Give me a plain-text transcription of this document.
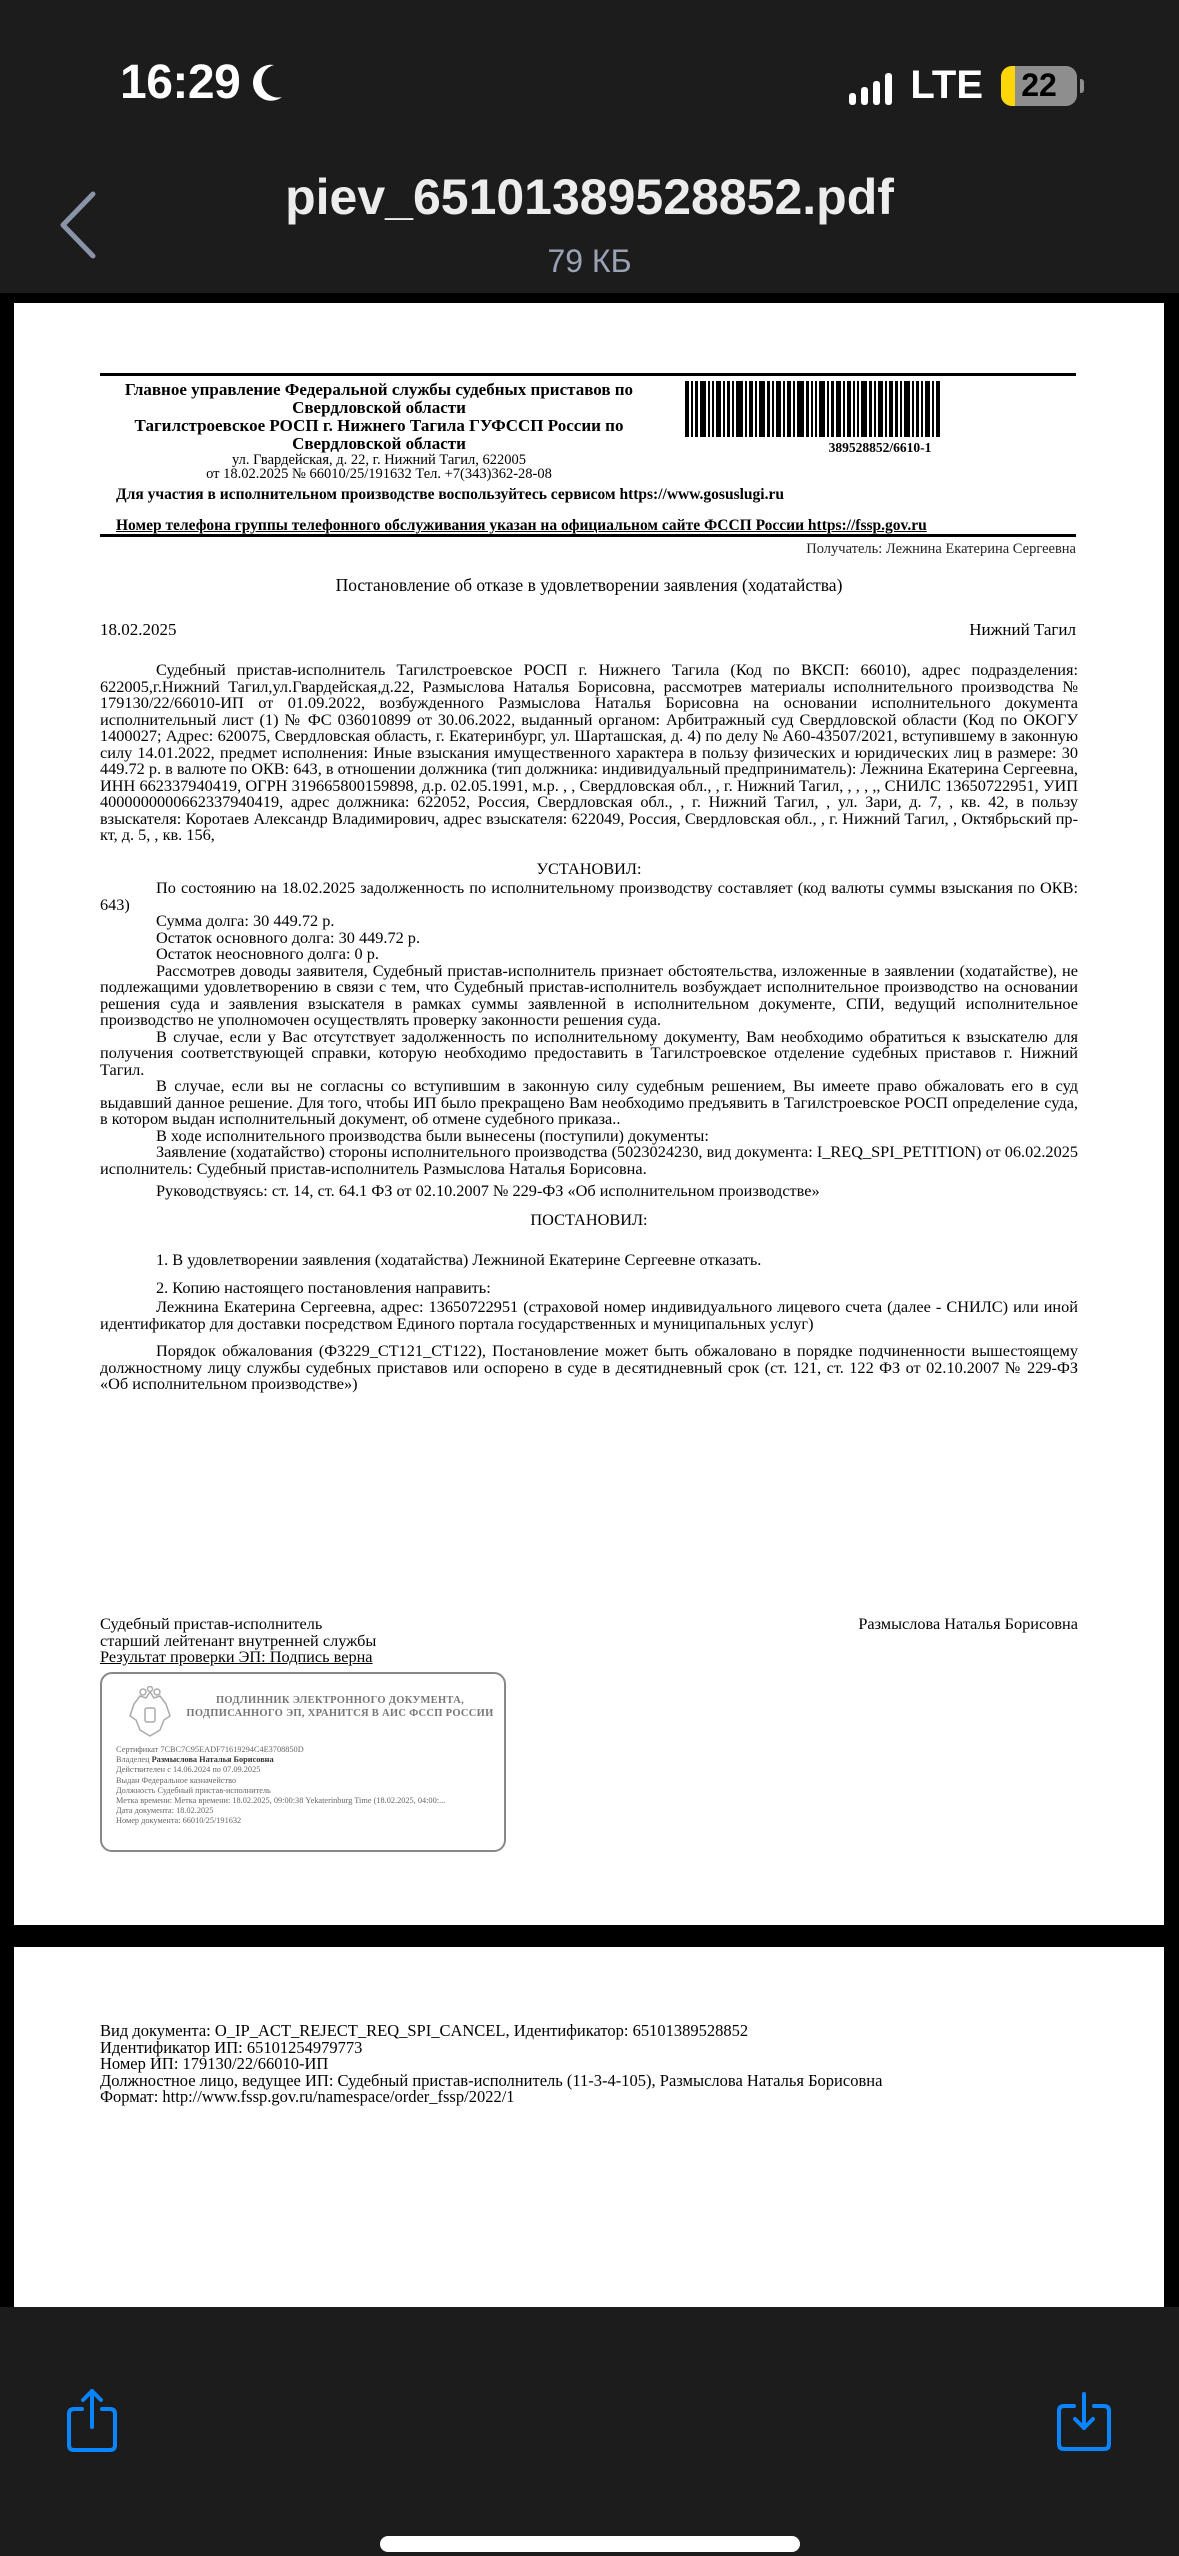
16:29	LTE 22
piev_65101389528852.pdf
79 КБ
Главное управление Федеральной службы судебных приставов по
Свердловской области
Тагилстроевское РОСП г. Нижнего Тагила ГУФССП России по
Свердловской области
ул. Гвардейская, д. 22, г. Нижний Тагил, 622005
от 18.02.2025 № 66010/25/191632 Тел. +7(343)362-28-08
389528852/6610-1
Для участия в исполнительном производстве воспользуйтесь сервисом https://www.gosuslugi.ru
Номер телефона группы телефонного обслуживания указан на официальном сайте ФССП России https://fssp.gov.ru
Получатель: Лежнина Екатерина Сергеевна
Постановление об отказе в удовлетворении заявления (ходатайства)
18.02.2025	Нижний Тагил

Судебный пристав-исполнитель Тагилстроевское РОСП г. Нижнего Тагила (Код по ВКСП: 66010), адрес подразделения: 622005,г.Нижний Тагил,ул.Гвардейская,д.22, Размыслова Наталья Борисовна, рассмотрев материалы исполнительного производства № 179130/22/66010-ИП от 01.09.2022, возбужденного Размыслова Наталья Борисовна на основании исполнительного документа исполнительный лист (1) № ФС 036010899 от 30.06.2022, выданный органом: Арбитражный суд Свердловской области (Код по ОКОГУ 1400027; Адрес: 620075, Свердловская область, г. Екатеринбург, ул. Шарташская, д. 4) по делу № А60-43507/2021, вступившему в законную силу 14.01.2022, предмет исполнения: Иные взыскания имущественного характера в пользу физических и юридических лиц в размере: 30 449.72 р. в валюте по ОКВ: 643, в отношении должника (тип должника: индивидуальный предприниматель): Лежнина Екатерина Сергеевна, ИНН 662337940419, ОГРН 319665800159898, д.р. 02.05.1991, м.р. , , Свердловская обл., , г. Нижний Тагил, , , , ,, СНИЛС 13650722951, УИП 4000000000662337940419, адрес должника: 622052, Россия, Свердловская обл., , г. Нижний Тагил, , ул. Зари, д. 7, , кв. 42, в пользу взыскателя: Коротаев Александр Владимирович, адрес взыскателя: 622049, Россия, Свердловская обл., , г. Нижний Тагил, , Октябрьский пр-кт, д. 5, , кв. 156,

УСТАНОВИЛ:

По состоянию на 18.02.2025 задолженность по исполнительному производству составляет (код валюты суммы взыскания по ОКВ: 643)

Сумма долга: 30 449.72 р.

Остаток основного долга: 30 449.72 р.

Остаток неосновного долга: 0 р.

Рассмотрев доводы заявителя, Судебный пристав-исполнитель признает обстоятельства, изложенные в заявлении (ходатайстве), не подлежащими удовлетворению в связи с тем, что Судебный пристав-исполнитель возбуждает исполнительное производство на основании решения суда и заявления взыскателя в рамках суммы заявленной в исполнительном документе, СПИ, ведущий исполнительное производство не уполномочен осуществлять проверку законности решения суда.

В случае, если у Вас отсутствует задолженность по исполнительному документу, Вам необходимо обратиться к взыскателю для получения соответствующей справки, которую необходимо предоставить в Тагилстроевское отделение судебных приставов г. Нижний Тагил.

В случае, если вы не согласны со вступившим в законную силу судебным решением, Вы имеете право обжаловать его в суд выдавший данное решение. Для того, чтобы ИП было прекращено Вам необходимо предъявить в Тагилстроевское РОСП определение суда, в котором выдан исполнительный документ, об отмене судебного приказа..

В ходе исполнительного производства были вынесены (поступили) документы:

Заявление (ходатайство) стороны исполнительного производства (5023024230, вид документа: I_REQ_SPI_PETITION) от 06.02.2025 исполнитель: Судебный пристав-исполнитель Размыслова Наталья Борисовна.

Руководствуясь: ст. 14, ст. 64.1 ФЗ от 02.10.2007 № 229-ФЗ «Об исполнительном производстве»

ПОСТАНОВИЛ:

1. В удовлетворении заявления (ходатайства) Лежниной Екатерине Сергеевне отказать.

2. Копию настоящего постановления направить:

Лежнина Екатерина Сергеевна, адрес: 13650722951 (страховой номер индивидуального лицевого счета (далее - СНИЛС) или иной идентификатор для доставки посредством Единого портала государственных и муниципальных услуг)

Порядок обжалования (ФЗ229_СТ121_СТ122), Постановление может быть обжаловано в порядке подчиненности вышестоящему должностному лицу службы судебных приставов или оспорено в суде в десятидневный срок (ст. 121, ст. 122 ФЗ от 02.10.2007 № 229-ФЗ «Об исполнительном производстве»)

Судебный пристав-исполнитель
старший лейтенант внутренней службы
Результат проверки ЭП: Подпись верна
Размыслова Наталья Борисовна
ПОДЛИННИК ЭЛЕКТРОННОГО ДОКУМЕНТА,
ПОДПИСАННОГО ЭП, ХРАНИТСЯ В АИС ФССП РОССИИ
Сертификат 7CBC7C95EADF71619294C4E3708850D
Владелец Размыслова Наталья Борисовна
Действителен с 14.06.2024 по 07.09.2025
Выдан Федеральное казначейство
Должность Судебный пристав-исполнитель
Метка времени: Метка времени: 18.02.2025, 09:00:38 Yekaterinburg Time (18.02.2025, 04:00:...
Дата документа: 18.02.2025
Номер документа: 66010/25/191632
Вид документа: O_IP_ACT_REJECT_REQ_SPI_CANCEL, Идентификатор: 65101389528852
Идентификатор ИП: 65101254979773
Номер ИП: 179130/22/66010-ИП
Должностное лицо, ведущее ИП: Судебный пристав-исполнитель (11-3-4-105), Размыслова Наталья Борисовна
Формат: http://www.fssp.gov.ru/namespace/order_fssp/2022/1
